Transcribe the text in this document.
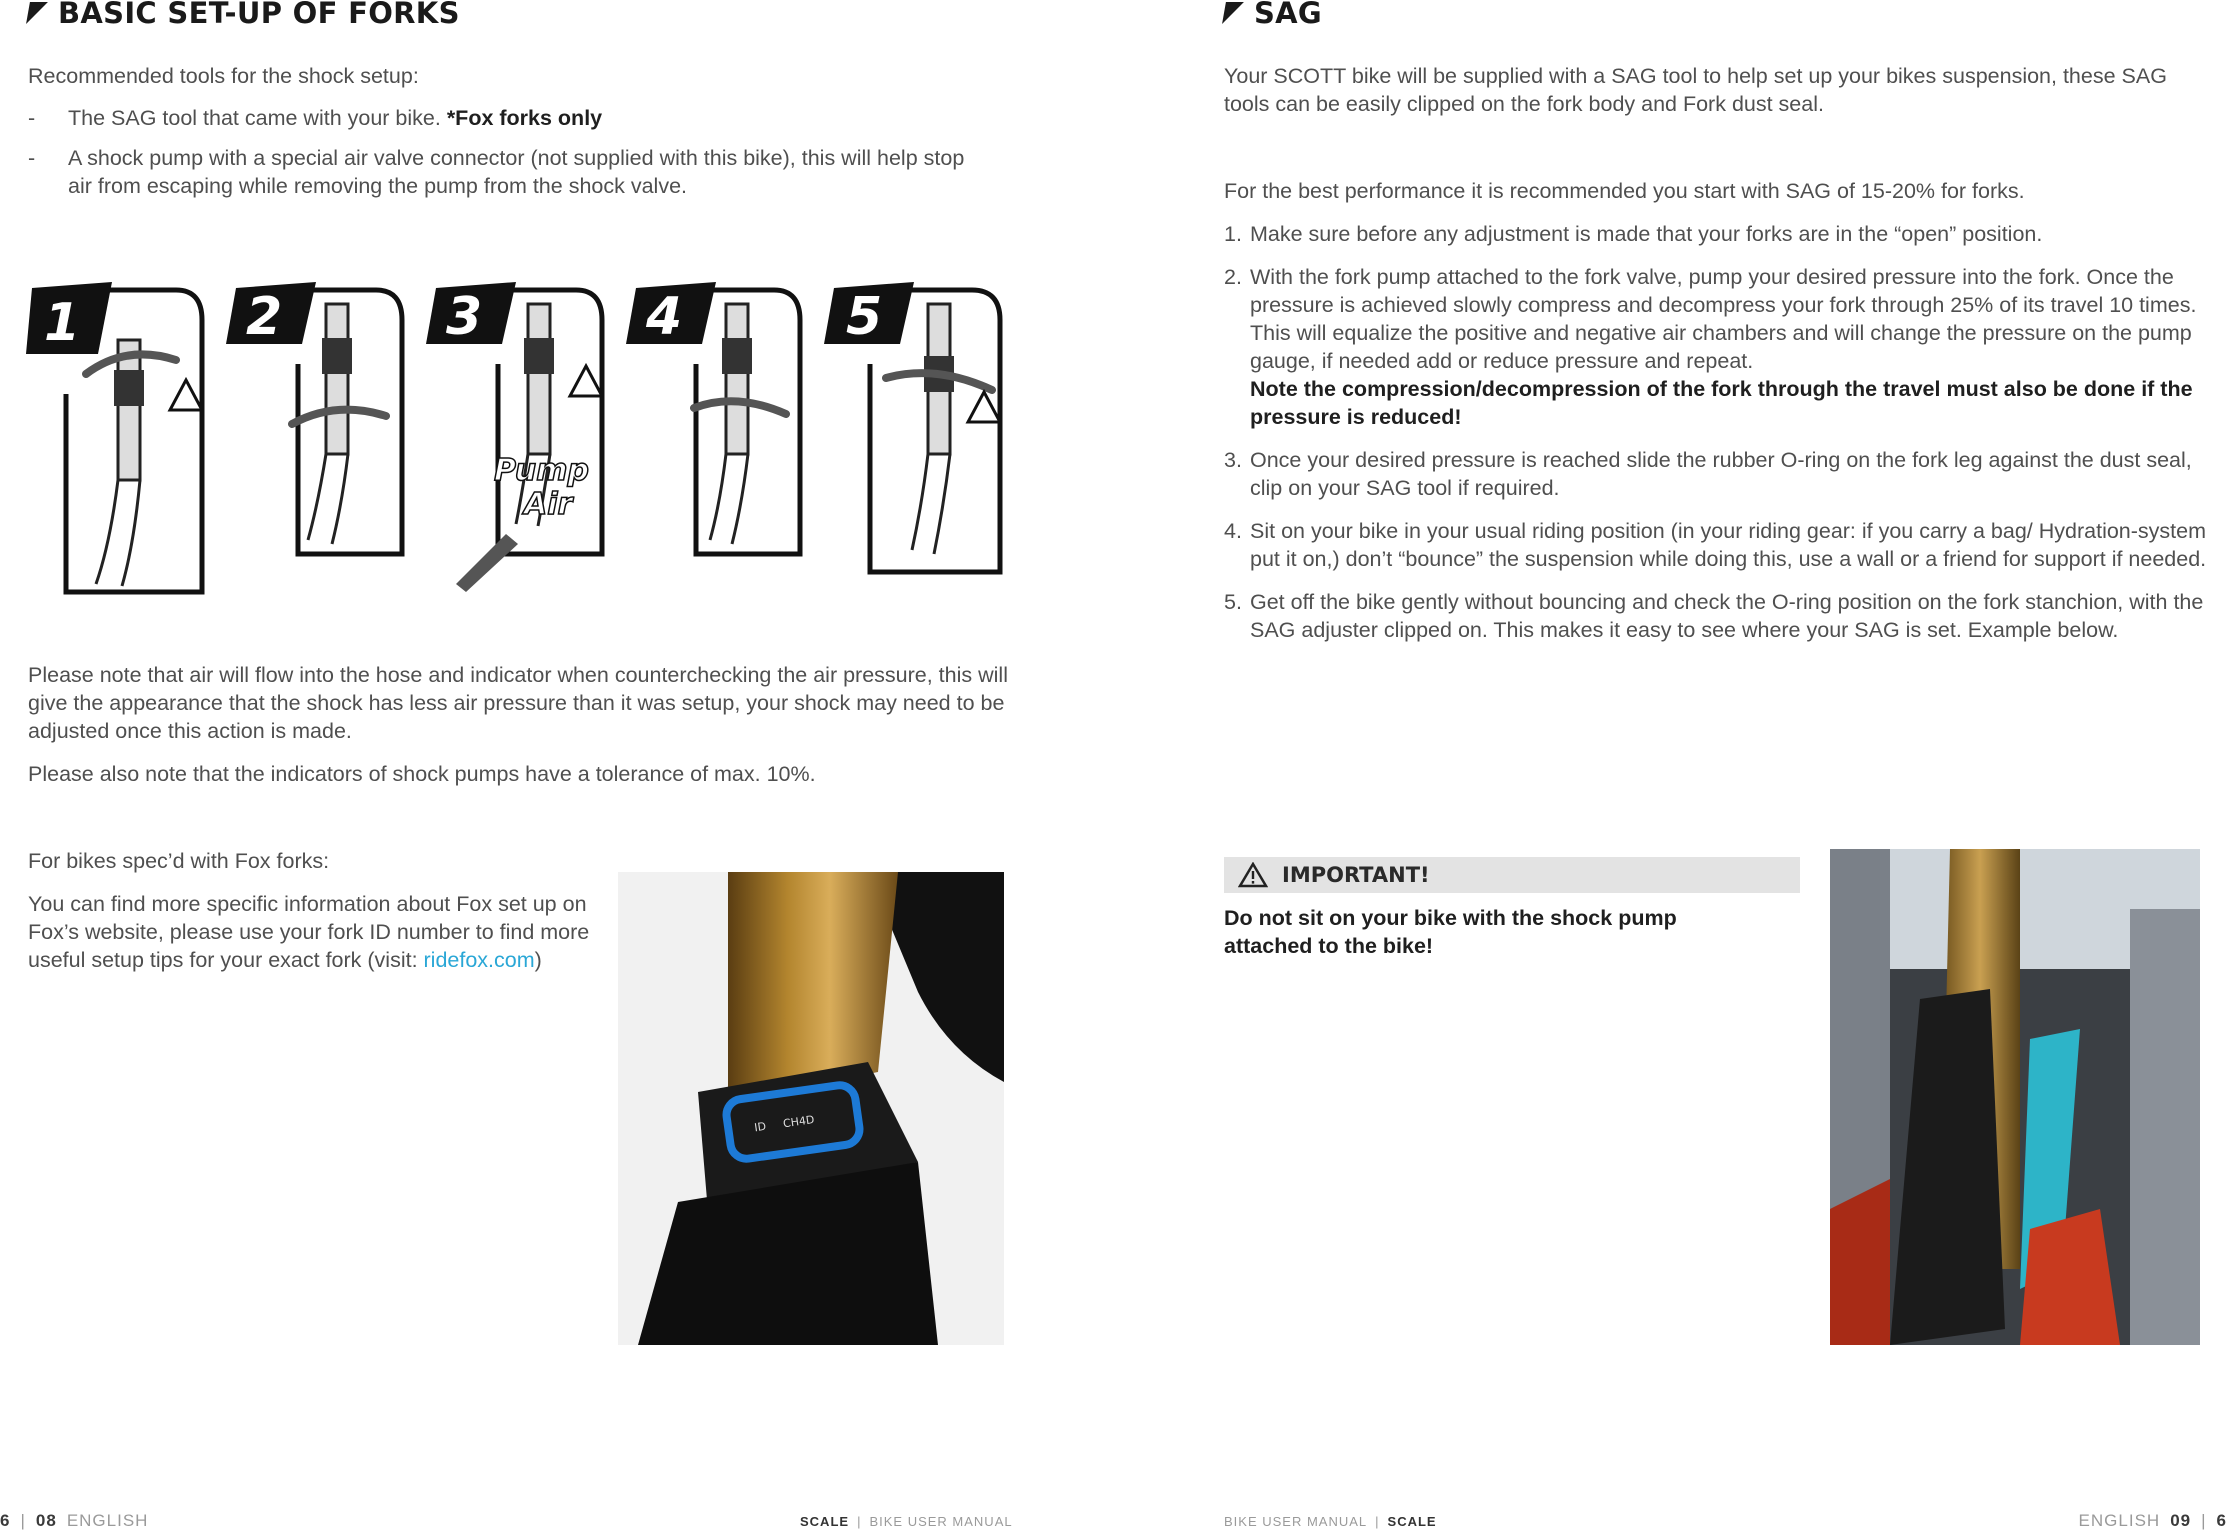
BASIC SET-UP OF FORKS

Recommended tools for the shock setup:

-	The SAG tool that came with your bike. *Fox forks only
-	A shock pump with a special air valve connector (not supplied with this bike), this will help stop air from escaping while removing the pump from the shock valve.
1	2	3	4	5
Pump
Air

Please note that air will flow into the hose and indicator when counterchecking the air pressure, this will give the appearance that the shock has less air pressure than it was setup, your shock may need to be adjusted once this action is made.

Please also note that the indicators of shock pumps have a tolerance of max. 10%.

For bikes spec’d with Fox forks:

You can find more specific information about Fox set up on Fox’s website, please use your fork ID number to find more useful setup tips for your exact fork (visit: ridefox.com)

ID CH4D
SAG

Your SCOTT bike will be supplied with a SAG tool to help set up your bikes suspension, these SAG tools can be easily clipped on the fork body and Fork dust seal.

For the best performance it is recommended you start with SAG of 15-20% for forks.

1. Make sure before any adjustment is made that your forks are in the “open” position.
2. With the fork pump attached to the fork valve, pump your desired pressure into the fork. Once the pressure is achieved slowly compress and decompress your fork through 25% of its travel 10 times. This will equalize the positive and negative air chambers and will change the pressure on the pump gauge, if needed add or reduce pressure and repeat.
Note the compression/decompression of the fork through the travel must also be done if the pressure is reduced!
3. Once your desired pressure is reached slide the rubber O-ring on the fork leg against the dust seal, clip on your SAG tool if required.
4. Sit on your bike in your usual riding position (in your riding gear: if you carry a bag/ Hydration-system put it on,) don’t “bounce” the suspension while doing this, use a wall or a friend for support if needed.
5. Get off the bike gently without bouncing and check the O-ring position on the fork stanchion, with the SAG adjuster clipped on. This makes it easy to see where your SAG is set. Example below.
IMPORTANT!

Do not sit on your bike with the shock pump attached to the bike!

6 | 08 ENGLISH	SCALE | BIKE USER MANUAL	BIKE USER MANUAL | SCALE	ENGLISH 09 | 6
